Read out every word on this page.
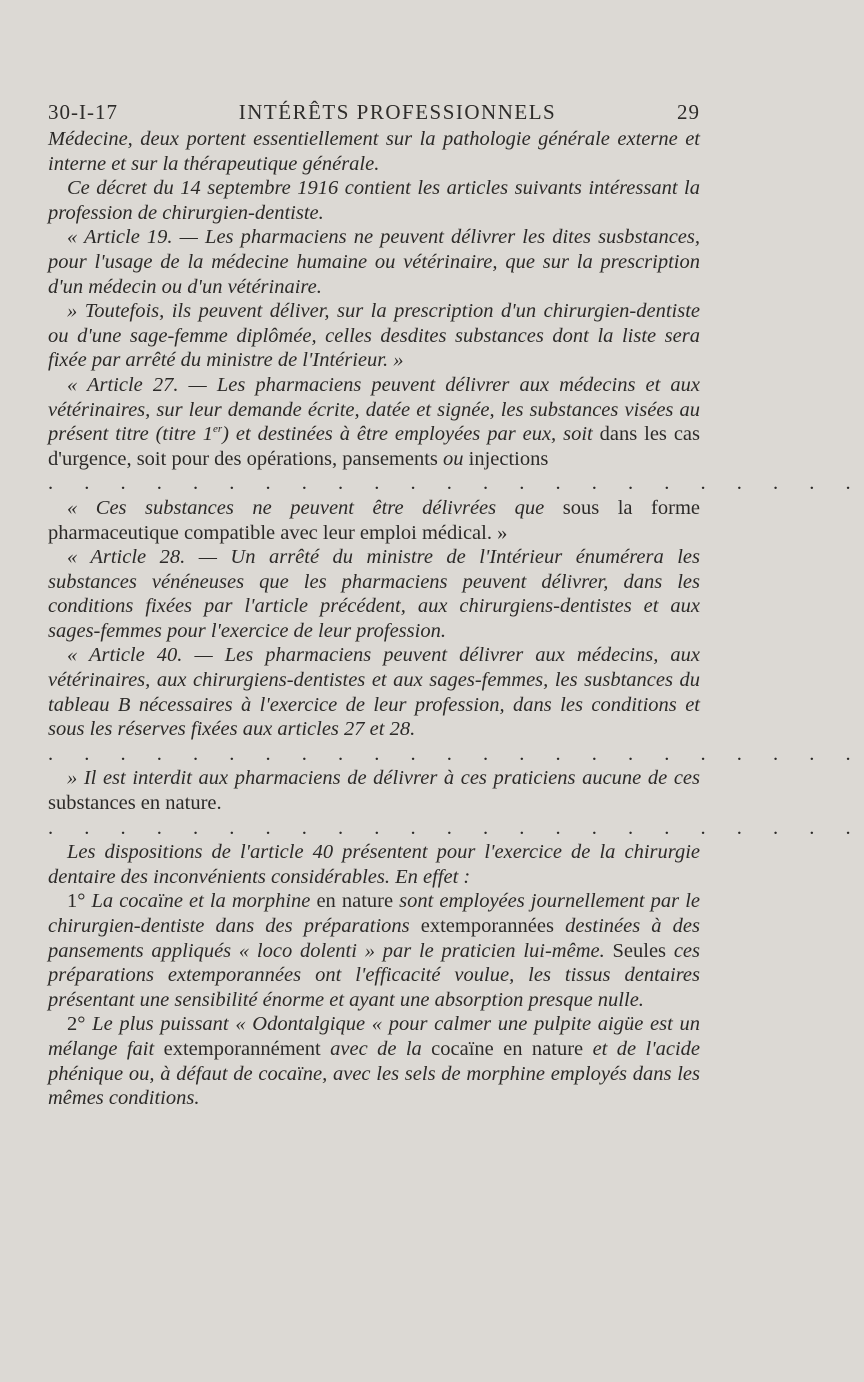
30-I-17	INTÉRÊTS PROFESSIONNELS	29

Médecine, deux portent essentiellement sur la pathologie générale externe et interne et sur la thérapeutique générale.

Ce décret du 14 septembre 1916 contient les articles suivants intéressant la profession de chirurgien-dentiste.

« Article 19. — Les pharmaciens ne peuvent délivrer les dites susbstances, pour l'usage de la médecine humaine ou vétérinaire, que sur la prescription d'un médecin ou d'un vétérinaire.

» Toutefois, ils peuvent déliver, sur la prescription d'un chirurgien-dentiste ou d'une sage-femme diplômée, celles desdites substances dont la liste sera fixée par arrêté du ministre de l'Intérieur. »

« Article 27. — Les pharmaciens peuvent délivrer aux médecins et aux vétérinaires, sur leur demande écrite, datée et signée, les substances visées au présent titre (titre 1er) et destinées à être employées par eux, soit dans les cas d'urgence, soit pour des opérations, pansements ou injections

. . . . . . . . . . . . . . . . . . . . . . .

« Ces substances ne peuvent être délivrées que sous la forme pharmaceutique compatible avec leur emploi médical. »

« Article 28. — Un arrêté du ministre de l'Intérieur énumérera les substances vénéneuses que les pharmaciens peuvent délivrer, dans les conditions fixées par l'article précédent, aux chirurgiens-dentistes et aux sages-femmes pour l'exercice de leur profession.

« Article 40. — Les pharmaciens peuvent délivrer aux médecins, aux vétérinaires, aux chirurgiens-dentistes et aux sages-femmes, les susbtances du tableau B nécessaires à l'exercice de leur profession, dans les conditions et sous les réserves fixées aux articles 27 et 28.

. . . . . . . . . . . . . . . . . . . . . . .

» Il est interdit aux pharmaciens de délivrer à ces praticiens aucune de ces substances en nature.

. . . . . . . . . . . . . . . . . . . . . . .

Les dispositions de l'article 40 présentent pour l'exercice de la chirurgie dentaire des inconvénients considérables. En effet :

1° La cocaïne et la morphine en nature sont employées journellement par le chirurgien-dentiste dans des préparations extemporannées destinées à des pansements appliqués « loco dolenti » par le praticien lui-même. Seules ces préparations extemporannées ont l'efficacité voulue, les tissus dentaires présentant une sensibilité énorme et ayant une absorption presque nulle.

2° Le plus puissant « Odontalgique « pour calmer une pulpite aigüe est un mélange fait extemporannément avec de la cocaïne en nature et de l'acide phénique ou, à défaut de cocaïne, avec les sels de morphine employés dans les mêmes conditions.
